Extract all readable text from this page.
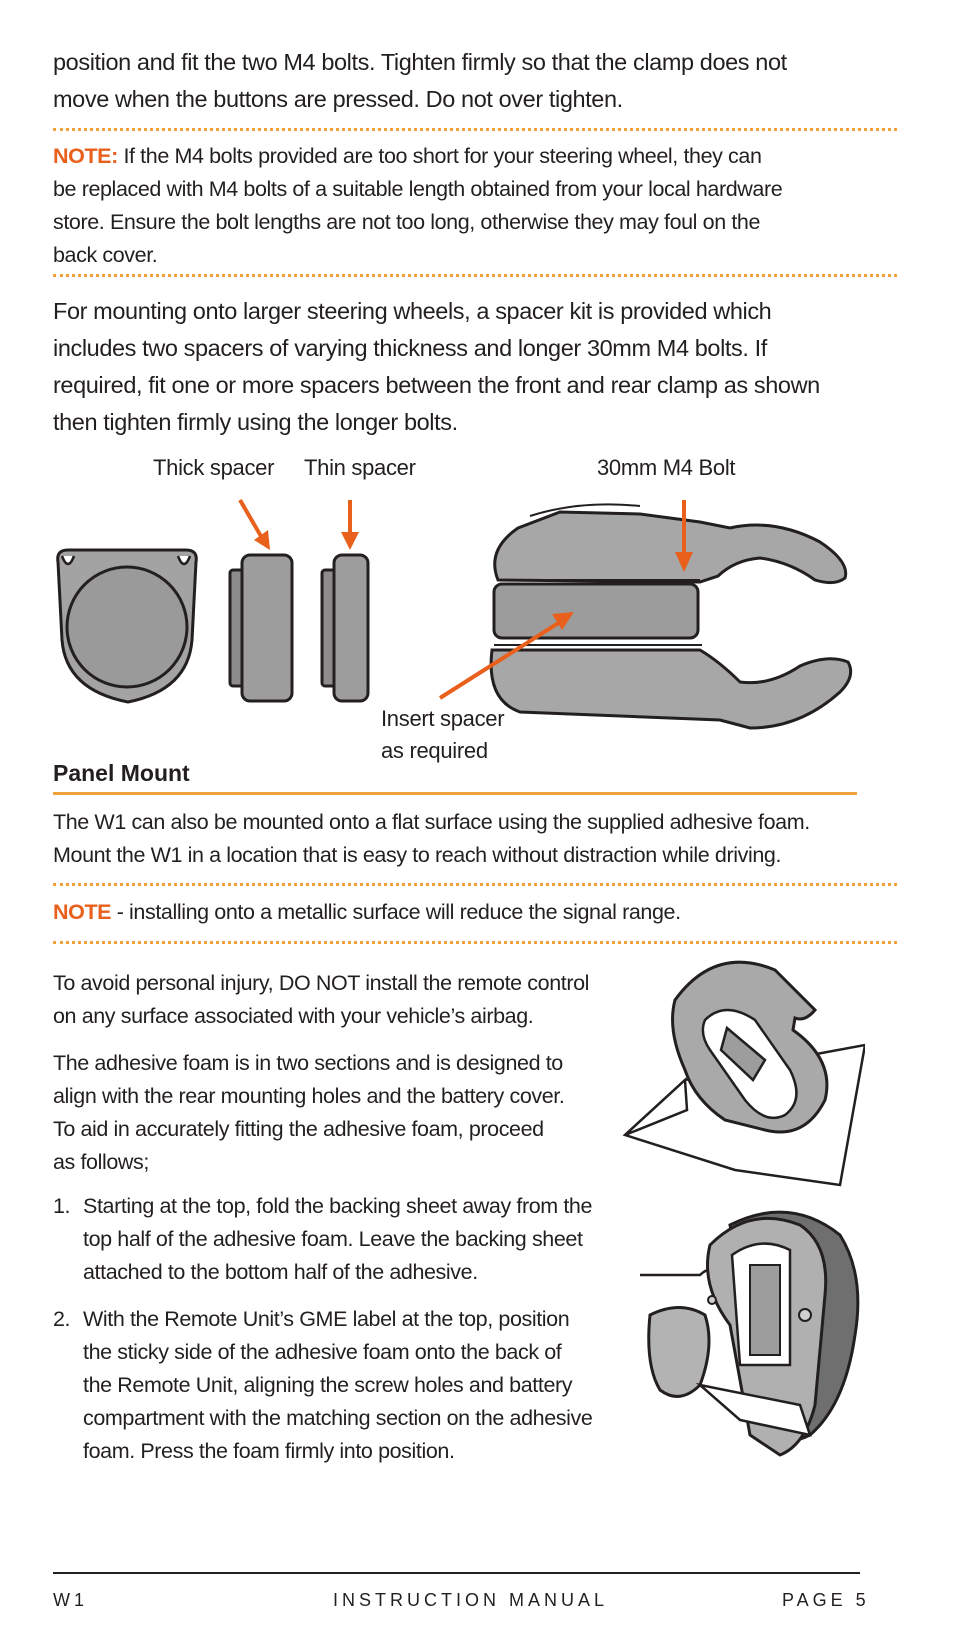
position and fit the two M4 bolts. Tighten firmly so that the clamp does not
move when the buttons are pressed. Do not over tighten.
NOTE: If the M4 bolts provided are too short for your steering wheel, they can
be replaced with M4 bolts of a suitable length obtained from your local hardware
store. Ensure the bolt lengths are not too long, otherwise they may foul on the
back cover.
For mounting onto larger steering wheels, a spacer kit is provided which
includes two spacers of varying thickness and longer 30mm M4 bolts. If
required, fit one or more spacers between the front and rear clamp as shown
then tighten firmly using the longer bolts.
Thick spacer Thin spacer	30mm M4 Bolt
Insert spacer
as required
Panel Mount
The W1 can also be mounted onto a flat surface using the supplied adhesive foam.
Mount the W1 in a location that is easy to reach without distraction while driving.
NOTE - installing onto a metallic surface will reduce the signal range.
To avoid personal injury, DO NOT install the remote control
on any surface associated with your vehicle’s airbag.
The adhesive foam is in two sections and is designed to
align with the rear mounting holes and the battery cover.
To aid in accurately fitting the adhesive foam, proceed
as follows;
1. Starting at the top, fold the backing sheet away from the
top half of the adhesive foam. Leave the backing sheet
attached to the bottom half of the adhesive.
2. With the Remote Unit’s GME label at the top, position
the sticky side of the adhesive foam onto the back of
the Remote Unit, aligning the screw holes and battery
compartment with the matching section on the adhesive
foam. Press the foam firmly into position.
W1	INSTRUCTION MANUAL	PAGE 5
